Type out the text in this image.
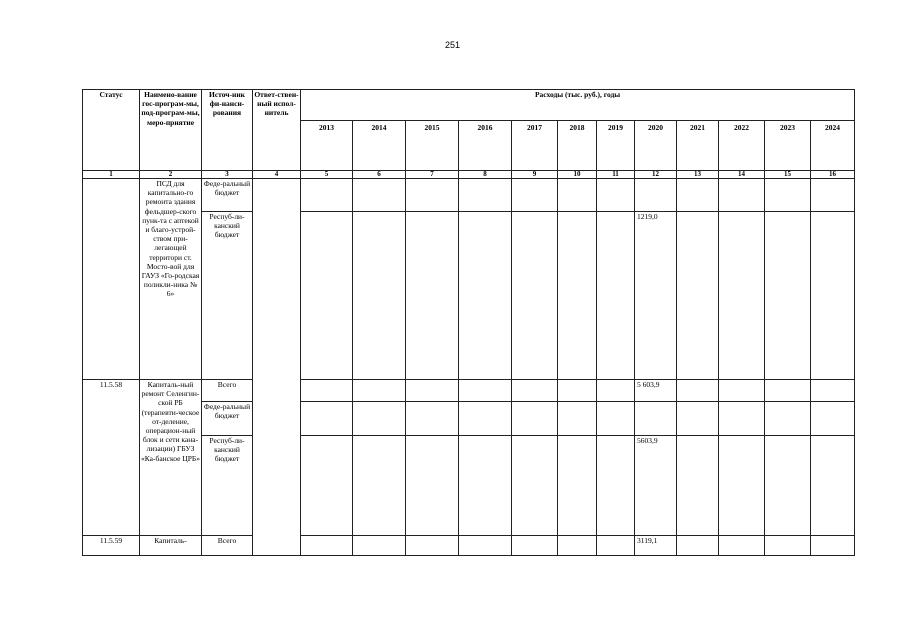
251
Статус	Наимено-вание гос-програм-мы, под-програм-мы, меро-приятие	Источ-ник фи-нанси-рования	Ответ-ствен-ный испол-нитель	Расходы (тыс. руб.), годы											
				2013	2014	2015	2016	2017	2018	2019	2020	2021	2022	2023	2024
1	2	3	4	5	6	7	8	9	10	11	12	13	14	15	16
	ПСД для капитально-го ремонта здания фельдшер-ского пунк-та с аптекой и благо-устрой-ством при-легающей территори ст. Мосто-вой для ГАУЗ «Го-родская поликли-ника № 6»	Феде-ральный бюджет													
		Респуб-ли-канский бюджет									1219,0				
11.5.58	Капиталь-ный ремонт Селенгин-ской РБ (терапевти-ческое от-деление, операцион-ный блок и сети кана-лизации) ГБУЗ «Ка-банское ЦРБ»	Всего									5 603,9				
		Феде-ральный бюджет													
		Респуб-ли-канский бюджет									5603,9				
11.5.59	Капиталь-	Всего									3119,1				
